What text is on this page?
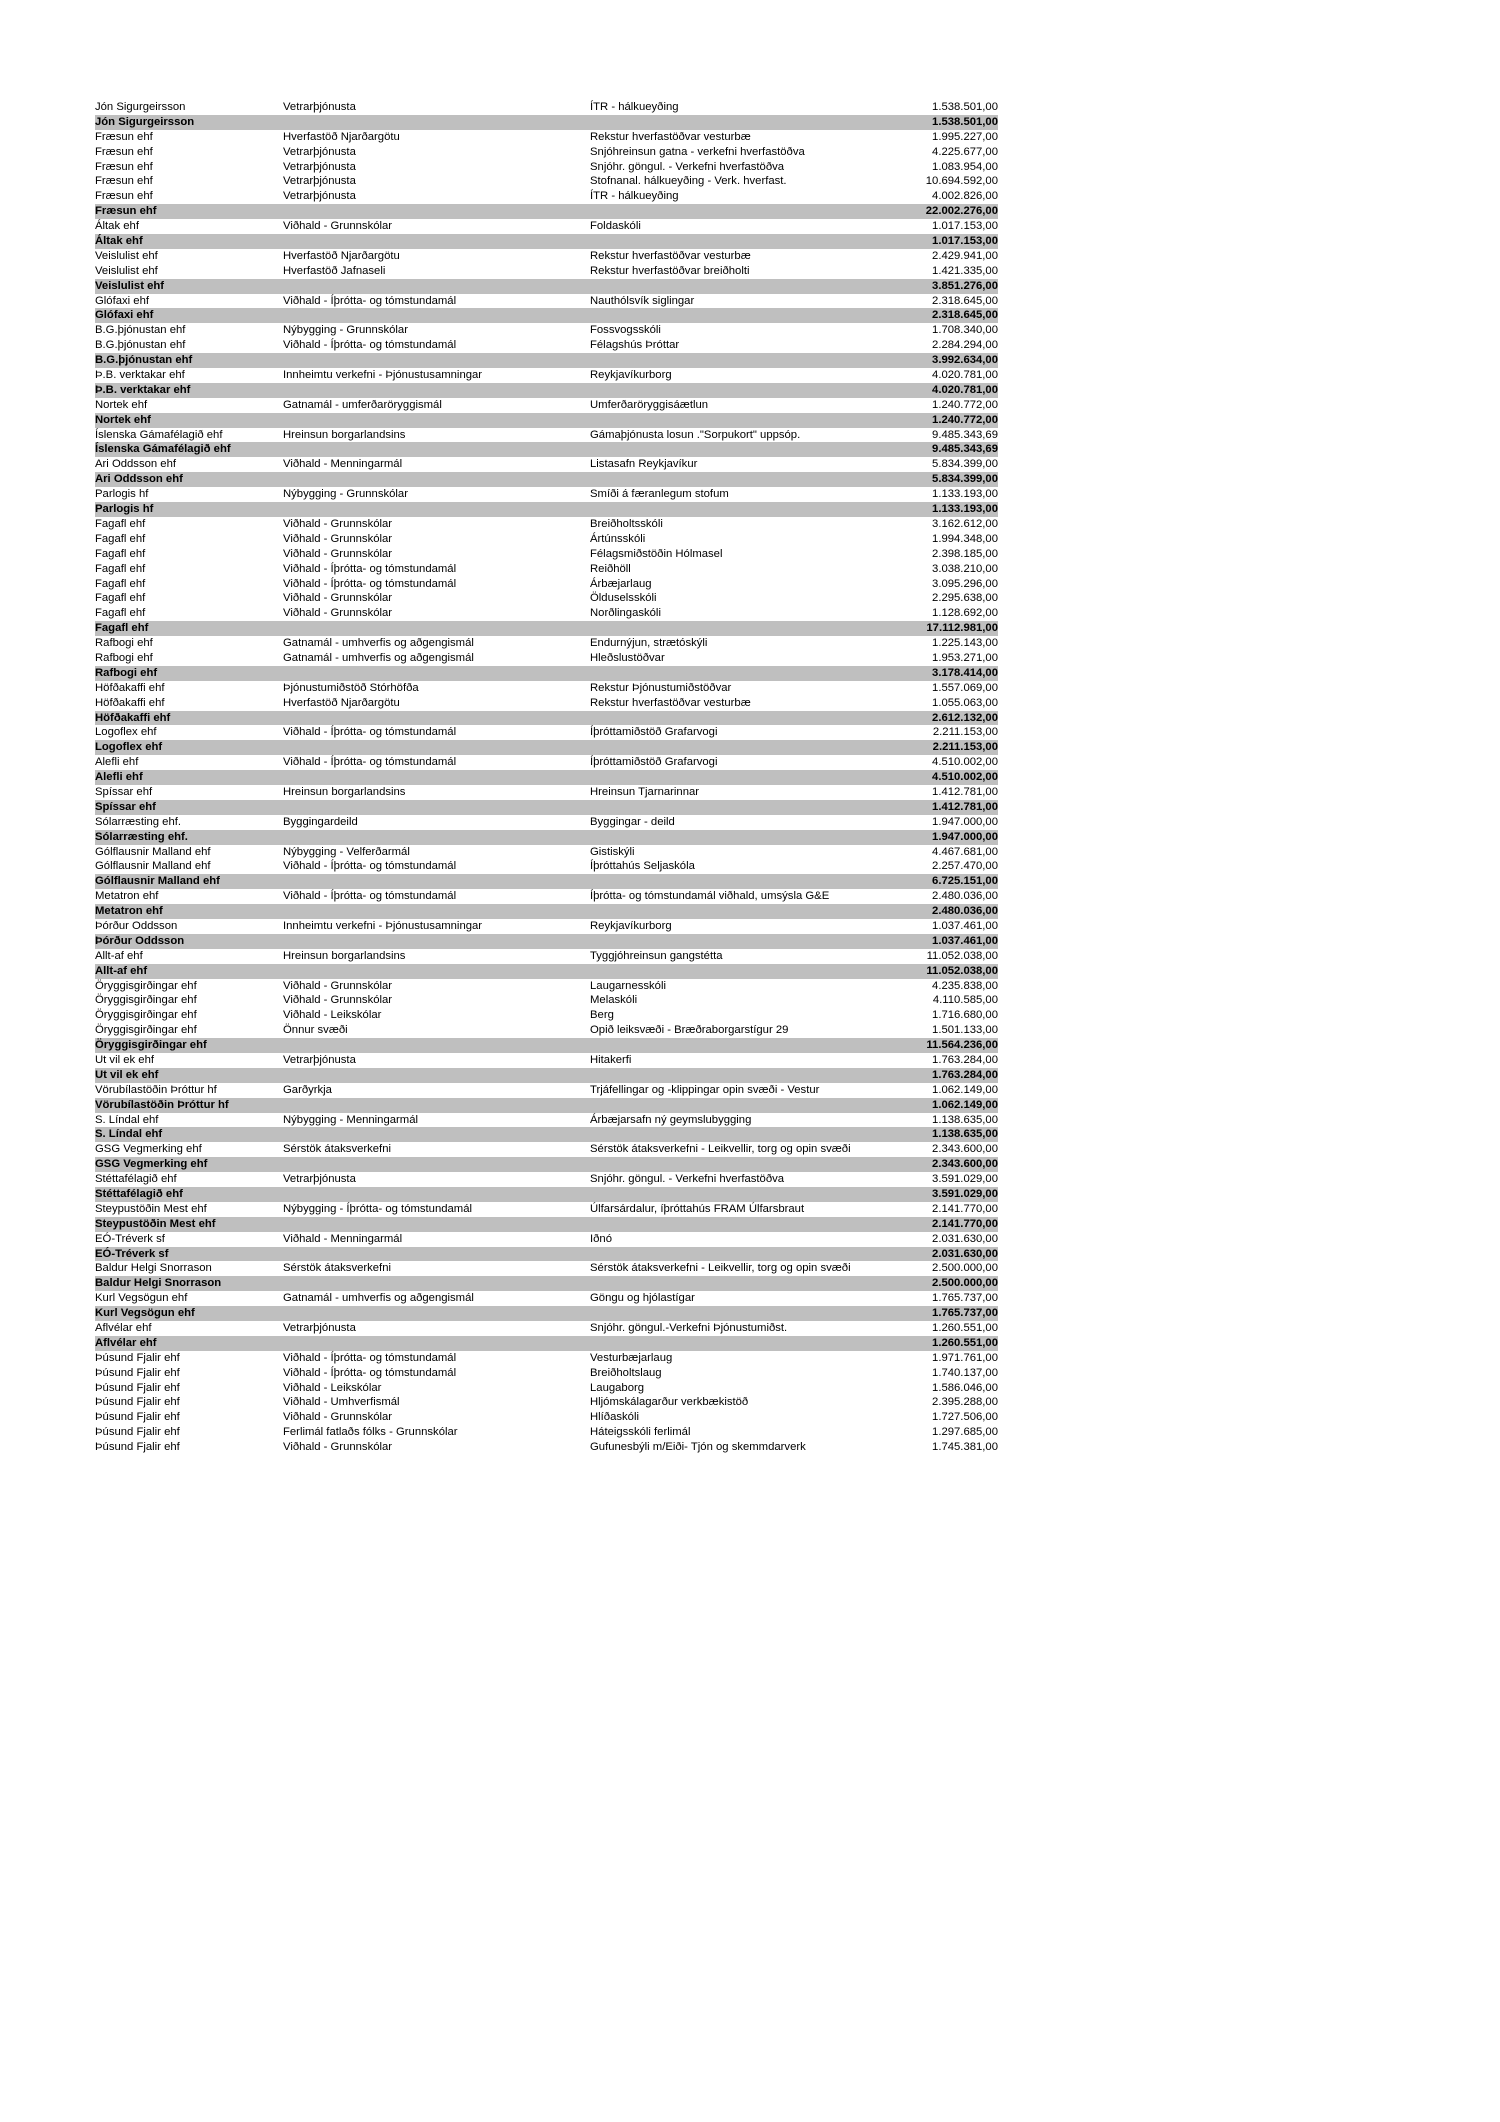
Jón Sigurgeirsson	Vetrarþjónusta	ÍTR - hálkueyðing	1.538.501,00
Jón Sigurgeirsson	1.538.501,00
Fræsun ehf	Hverfastöð Njarðargötu	Rekstur hverfastöðvar vesturbæ	1.995.227,00
Fræsun ehf	Vetrarþjónusta	Snjóhreinsun gatna - verkefni hverfastöðva	4.225.677,00
Fræsun ehf	Vetrarþjónusta	Snjóhr. göngul. - Verkefni hverfastöðva	1.083.954,00
Fræsun ehf	Vetrarþjónusta	Stofnanal. hálkueyðing - Verk. hverfast.	10.694.592,00
Fræsun ehf	Vetrarþjónusta	ÍTR - hálkueyðing	4.002.826,00
Fræsun ehf	22.002.276,00
Áltak ehf	Viðhald - Grunnskólar	Foldaskóli	1.017.153,00
Áltak ehf	1.017.153,00
Veislulist ehf	Hverfastöð Njarðargötu	Rekstur hverfastöðvar vesturbæ	2.429.941,00
Veislulist ehf	Hverfastöð Jafnaseli	Rekstur hverfastöðvar breiðholti	1.421.335,00
Veislulist ehf	3.851.276,00
Glófaxi ehf	Viðhald - Íþrótta- og tómstundamál	Nauthólsvík siglingar	2.318.645,00
Glófaxi ehf	2.318.645,00
B.G.þjónustan ehf	Nýbygging - Grunnskólar	Fossvogsskóli	1.708.340,00
B.G.þjónustan ehf	Viðhald - Íþrótta- og tómstundamál	Félagshús Þróttar	2.284.294,00
B.G.þjónustan ehf	3.992.634,00
Þ.B. verktakar ehf	Innheimtu verkefni - Þjónustusamningar	Reykjavíkurborg	4.020.781,00
Þ.B. verktakar ehf	4.020.781,00
Nortek ehf	Gatnamál - umferðaröryggismál	Umferðaröryggisáætlun	1.240.772,00
Nortek ehf	1.240.772,00
Íslenska Gámafélagið ehf	Hreinsun borgarlandsins	Gámaþjónusta losun ."Sorpukort" uppsóp.	9.485.343,69
Íslenska Gámafélagið ehf	9.485.343,69
Ari Oddsson ehf	Viðhald - Menningarmál	Listasafn Reykjavíkur	5.834.399,00
Ari Oddsson ehf	5.834.399,00
Parlogis hf	Nýbygging - Grunnskólar	Smíði á færanlegum stofum	1.133.193,00
Parlogis hf	1.133.193,00
Fagafl ehf	Viðhald - Grunnskólar	Breiðholtsskóli	3.162.612,00
Fagafl ehf	Viðhald - Grunnskólar	Ártúnsskóli	1.994.348,00
Fagafl ehf	Viðhald - Grunnskólar	Félagsmiðstöðin Hólmasel	2.398.185,00
Fagafl ehf	Viðhald - Íþrótta- og tómstundamál	Reiðhöll	3.038.210,00
Fagafl ehf	Viðhald - Íþrótta- og tómstundamál	Árbæjarlaug	3.095.296,00
Fagafl ehf	Viðhald - Grunnskólar	Ölduselsskóli	2.295.638,00
Fagafl ehf	Viðhald - Grunnskólar	Norðlingaskóli	1.128.692,00
Fagafl ehf	17.112.981,00
Rafbogi ehf	Gatnamál - umhverfis og aðgengismál	Endurnýjun, strætóskýli	1.225.143,00
Rafbogi ehf	Gatnamál - umhverfis og aðgengismál	Hleðslustöðvar	1.953.271,00
Rafbogi ehf	3.178.414,00
Höfðakaffi ehf	Þjónustumiðstöð Stórhöfða	Rekstur Þjónustumiðstöðvar	1.557.069,00
Höfðakaffi ehf	Hverfastöð Njarðargötu	Rekstur hverfastöðvar vesturbæ	1.055.063,00
Höfðakaffi ehf	2.612.132,00
Logoflex ehf	Viðhald - Íþrótta- og tómstundamál	Íþróttamiðstöð Grafarvogi	2.211.153,00
Logoflex ehf	2.211.153,00
Alefli ehf	Viðhald - Íþrótta- og tómstundamál	Íþróttamiðstöð Grafarvogi	4.510.002,00
Alefli ehf	4.510.002,00
Spíssar ehf	Hreinsun borgarlandsins	Hreinsun Tjarnarinnar	1.412.781,00
Spíssar ehf	1.412.781,00
Sólarræsting ehf.	Byggingardeild	Byggingar - deild	1.947.000,00
Sólarræsting ehf.	1.947.000,00
Gólflausnir Malland ehf	Nýbygging - Velferðarmál	Gistiskýli	4.467.681,00
Gólflausnir Malland ehf	Viðhald - Íþrótta- og tómstundamál	Íþróttahús Seljaskóla	2.257.470,00
Gólflausnir Malland ehf	6.725.151,00
Metatron ehf	Viðhald - Íþrótta- og tómstundamál	Íþrótta- og tómstundamál viðhald, umsýsla G&E	2.480.036,00
Metatron ehf	2.480.036,00
Þórður Oddsson	Innheimtu verkefni - Þjónustusamningar	Reykjavíkurborg	1.037.461,00
Þórður Oddsson	1.037.461,00
Allt-af ehf	Hreinsun borgarlandsins	Tyggjóhreinsun gangstétta	11.052.038,00
Allt-af ehf	11.052.038,00
Öryggisgirðingar ehf	Viðhald - Grunnskólar	Laugarnesskóli	4.235.838,00
Öryggisgirðingar ehf	Viðhald - Grunnskólar	Melaskóli	4.110.585,00
Öryggisgirðingar ehf	Viðhald - Leikskólar	Berg	1.716.680,00
Öryggisgirðingar ehf	Önnur svæði	Opið leiksvæði - Bræðraborgarstígur 29	1.501.133,00
Öryggisgirðingar ehf	11.564.236,00
Ut vil ek ehf	Vetrarþjónusta	Hitakerfi	1.763.284,00
Ut vil ek ehf	1.763.284,00
Vörubílastöðin Þróttur hf	Garðyrkja	Trjáfellingar og -klippingar opin svæði - Vestur	1.062.149,00
Vörubílastöðin Þróttur hf	1.062.149,00
S. Líndal ehf	Nýbygging - Menningarmál	Árbæjarsafn ný geymslubygging	1.138.635,00
S. Líndal ehf	1.138.635,00
GSG Vegmerking ehf	Sérstök átaksverkefni	Sérstök átaksverkefni - Leikvellir, torg og opin svæði	2.343.600,00
GSG Vegmerking ehf	2.343.600,00
Stéttafélagið ehf	Vetrarþjónusta	Snjóhr. göngul. - Verkefni hverfastöðva	3.591.029,00
Stéttafélagið ehf	3.591.029,00
Steypustöðin Mest ehf	Nýbygging - Íþrótta- og tómstundamál	Úlfarsárdalur, íþróttahús FRAM Úlfarsbraut	2.141.770,00
Steypustöðin Mest ehf	2.141.770,00
EÓ-Tréverk sf	Viðhald - Menningarmál	Iðnó	2.031.630,00
EÓ-Tréverk sf	2.031.630,00
Baldur Helgi Snorrason	Sérstök átaksverkefni	Sérstök átaksverkefni - Leikvellir, torg og opin svæði	2.500.000,00
Baldur Helgi Snorrason	2.500.000,00
Kurl Vegsögun ehf	Gatnamál - umhverfis og aðgengismál	Göngu og hjólastígar	1.765.737,00
Kurl Vegsögun ehf	1.765.737,00
Aflvélar ehf	Vetrarþjónusta	Snjóhr. göngul.-Verkefni Þjónustumiðst.	1.260.551,00
Aflvélar ehf	1.260.551,00
Þúsund Fjalir ehf	Viðhald - Íþrótta- og tómstundamál	Vesturbæjarlaug	1.971.761,00
Þúsund Fjalir ehf	Viðhald - Íþrótta- og tómstundamál	Breiðholtslaug	1.740.137,00
Þúsund Fjalir ehf	Viðhald - Leikskólar	Laugaborg	1.586.046,00
Þúsund Fjalir ehf	Viðhald - Umhverfismál	Hljómskálagarður verkbækistöð	2.395.288,00
Þúsund Fjalir ehf	Viðhald - Grunnskólar	Hlíðaskóli	1.727.506,00
Þúsund Fjalir ehf	Ferlimál fatlaðs fólks - Grunnskólar	Háteigsskóli ferlimál	1.297.685,00
Þúsund Fjalir ehf	Viðhald - Grunnskólar	Gufunesbýli m/Eiði- Tjón og skemmdarverk	1.745.381,00
